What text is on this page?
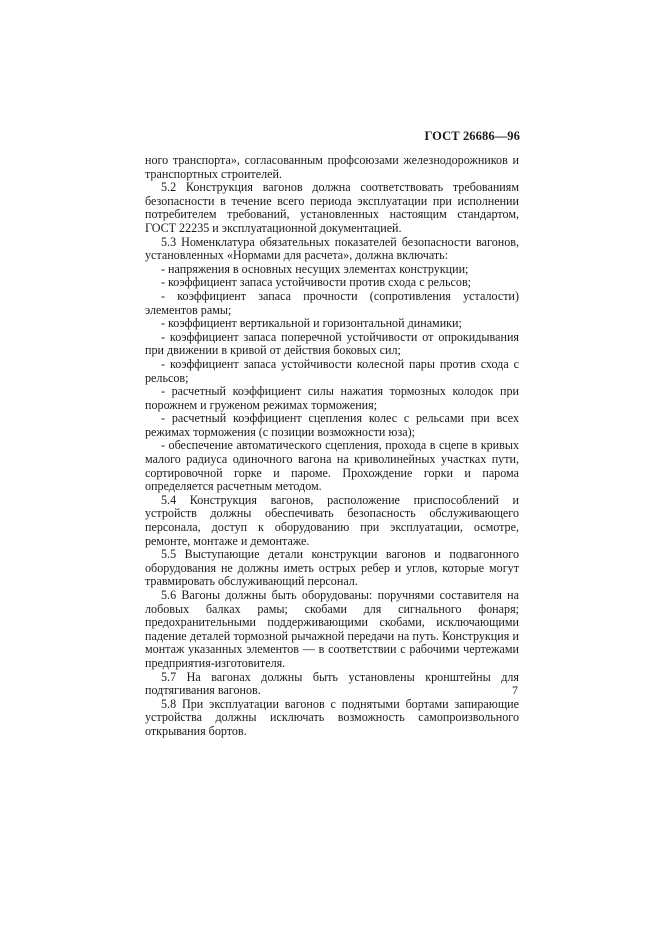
ГОСТ 26686—96

ного транспорта», согласованным профсоюзами железнодорожников и транспортных строителей.

5.2 Конструкция вагонов должна соответствовать требованиям безопасности в течение всего периода эксплуатации при исполнении потребителем требований, установленных настоящим стандартом, ГОСТ 22235 и эксплуатационной документацией.

5.3 Номенклатура обязательных показателей безопасности вагонов, установленных «Нормами для расчета», должна включать:

- напряжения в основных несущих элементах конструкции;

- коэффициент запаса устойчивости против схода с рельсов;

- коэффициент запаса прочности (сопротивления усталости) элементов рамы;

- коэффициент вертикальной и горизонтальной динамики;

- коэффициент запаса поперечной устойчивости от опрокидывания при движении в кривой от действия боковых сил;

- коэффициент запаса устойчивости колесной пары против схода с рельсов;

- расчетный коэффициент силы нажатия тормозных колодок при порожнем и груженом режимах торможения;

- расчетный коэффициент сцепления колес с рельсами при всех режимах торможения (с позиции возможности юза);

- обеспечение автоматического сцепления, прохода в сцепе в кривых малого радиуса одиночного вагона на криволинейных участках пути, сортировочной горке и пароме. Прохождение горки и парома определяется расчетным методом.

5.4 Конструкция вагонов, расположение приспособлений и устройств должны обеспечивать безопасность обслуживающего персонала, доступ к оборудованию при эксплуатации, осмотре, ремонте, монтаже и демонтаже.

5.5 Выступающие детали конструкции вагонов и подвагонного оборудования не должны иметь острых ребер и углов, которые могут травмировать обслуживающий персонал.

5.6 Вагоны должны быть оборудованы: поручнями составителя на лобовых балках рамы; скобами для сигнального фонаря; предохранительными поддерживающими скобами, исключающими падение деталей тормозной рычажной передачи на путь. Конструкция и монтаж указанных элементов — в соответствии с рабочими чертежами предприятия-изготовителя.

5.7 На вагонах должны быть установлены кронштейны для подтягивания вагонов.

5.8 При эксплуатации вагонов с поднятыми бортами запирающие устройства должны исключать возможность самопроизвольного открывания бортов.

7
